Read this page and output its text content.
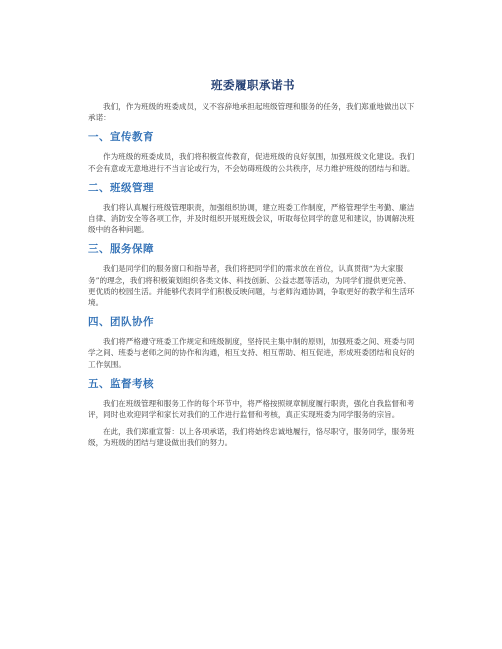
班委履职承诺书

我们，作为班级的班委成员，义不容辞地承担起班级管理和服务的任务，我们郑重地做出以下承诺：

一、宣传教育

作为班级的班委成员，我们将积极宣传教育，促进班级的良好氛围，加强班级文化建设。我们不会有意或无意地进行不当言论或行为，不会妨碍班级的公共秩序，尽力维护班级的团结与和谐。

二、班级管理

我们将认真履行班级管理职责，加强组织协调，建立班委工作制度，严格管理学生考勤、廉洁自律、消防安全等各项工作，并及时组织开展班级会议，听取每位同学的意见和建议，协调解决班级中的各种问题。

三、服务保障

我们是同学们的服务窗口和指导者，我们将把同学们的需求放在首位，认真贯彻“为大家服务”的理念，我们将积极策划组织各类文体、科技创新、公益志愿等活动，为同学们提供更完善、更优质的校园生活。并能够代表同学们积极反映问题，与老师沟通协调，争取更好的教学和生活环境。

四、团队协作

我们将严格遵守班委工作规定和班级制度，坚持民主集中制的原则，加强班委之间、班委与同学之间、班委与老师之间的协作和沟通，相互支持、相互帮助、相互促进，形成班委团结和良好的工作氛围。

五、监督考核

我们在班级管理和服务工作的每个环节中，将严格按照规章制度履行职责，强化自我监督和考评，同时也欢迎同学和家长对我们的工作进行监督和考核，真正实现班委为同学服务的宗旨。

在此，我们郑重宣誓：以上各项承诺，我们将始终忠诚地履行，恪尽职守，服务同学，服务班级，为班级的团结与建设做出我们的努力。
